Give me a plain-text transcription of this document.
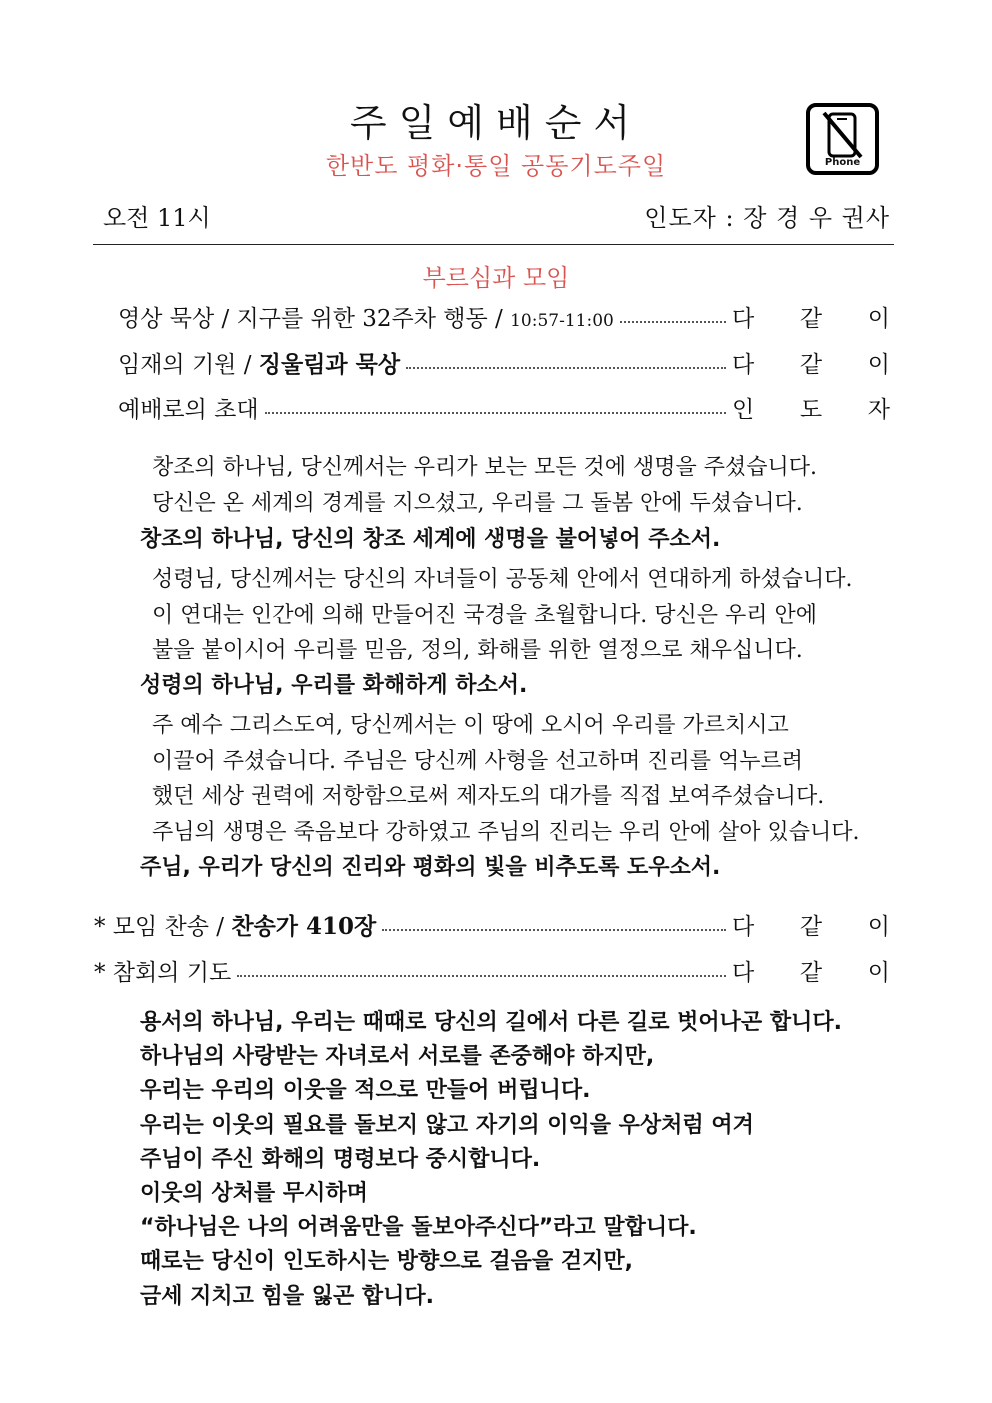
주일예배순서
한반도 평화·통일 공동기도주일	Phone
오전 11시	인도자 : 장 경 우 권사
부르심과 모임
영상 묵상 / 지구를 위한 32주차 행동 / 10:57-11:00	다 같 이
임재의 기원 / 징울림과 묵상	다 같 이
예배로의 초대	인 도 자
창조의 하나님, 당신께서는 우리가 보는 모든 것에 생명을 주셨습니다.
당신은 온 세계의 경계를 지으셨고, 우리를 그 돌봄 안에 두셨습니다.
창조의 하나님, 당신의 창조 세계에 생명을 불어넣어 주소서.
성령님, 당신께서는 당신의 자녀들이 공동체 안에서 연대하게 하셨습니다.
이 연대는 인간에 의해 만들어진 국경을 초월합니다. 당신은 우리 안에
불을 붙이시어 우리를 믿음, 정의, 화해를 위한 열정으로 채우십니다.
성령의 하나님, 우리를 화해하게 하소서.
주 예수 그리스도여, 당신께서는 이 땅에 오시어 우리를 가르치시고
이끌어 주셨습니다. 주님은 당신께 사형을 선고하며 진리를 억누르려
했던 세상 권력에 저항함으로써 제자도의 대가를 직접 보여주셨습니다.
주님의 생명은 죽음보다 강하였고 주님의 진리는 우리 안에 살아 있습니다.
주님, 우리가 당신의 진리와 평화의 빛을 비추도록 도우소서.
* 모임 찬송 / 찬송가 410장	다 같 이
* 참회의 기도	다 같 이
용서의 하나님, 우리는 때때로 당신의 길에서 다른 길로 벗어나곤 합니다.
하나님의 사랑받는 자녀로서 서로를 존중해야 하지만,
우리는 우리의 이웃을 적으로 만들어 버립니다.
우리는 이웃의 필요를 돌보지 않고 자기의 이익을 우상처럼 여겨
주님이 주신 화해의 명령보다 중시합니다.
이웃의 상처를 무시하며
“하나님은 나의 어려움만을 돌보아주신다”라고 말합니다.
때로는 당신이 인도하시는 방향으로 걸음을 걷지만,
금세 지치고 힘을 잃곤 합니다.
